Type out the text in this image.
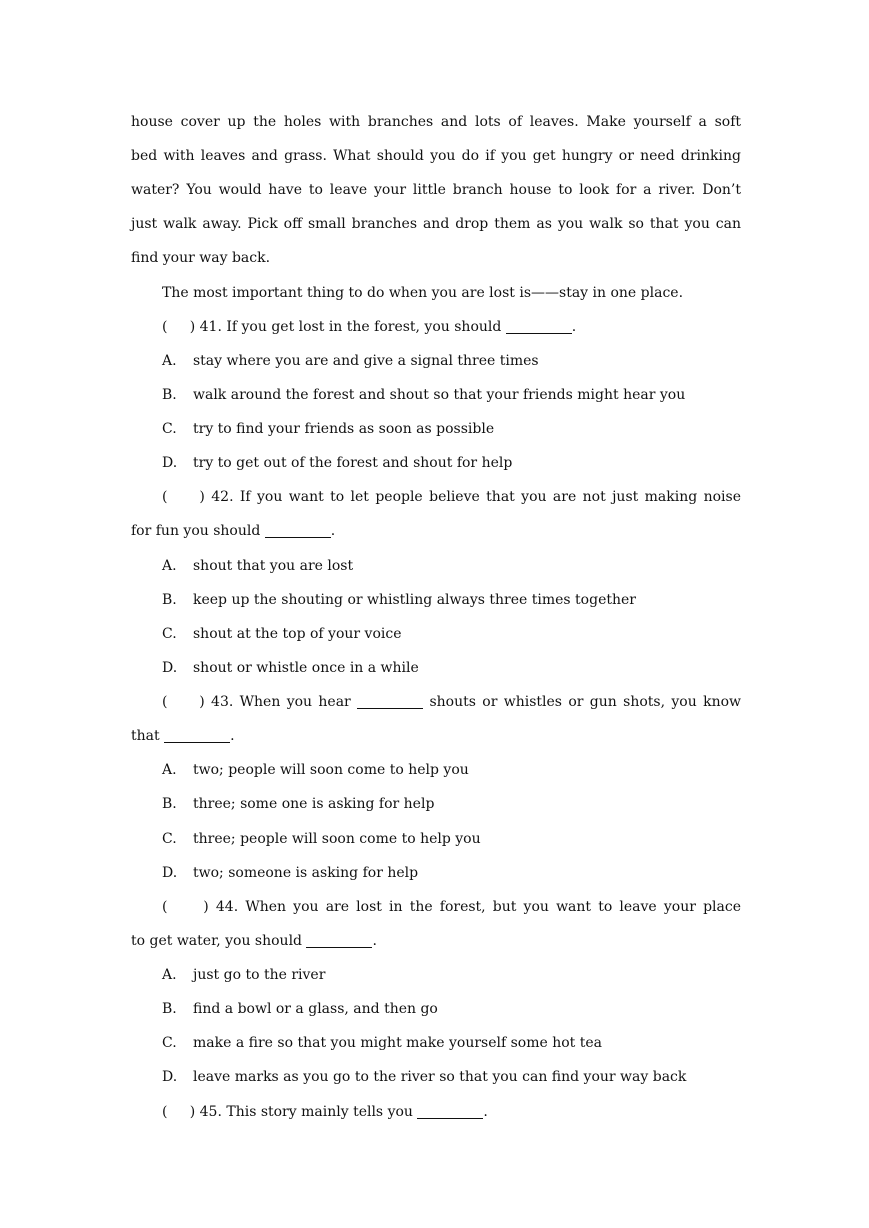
house cover up the holes with branches and lots of leaves. Make yourself a soft
bed with leaves and grass. What should you do if you get hungry or need drinking
water? You would have to leave your little branch house to look for a river. Don’t
just walk away. Pick off small branches and drop them as you walk so that you can
find your way back.
The most important thing to do when you are lost is——stay in one place.
(     ) 41. If you get lost in the forest, you should	.
A. stay where you are and give a signal three times
B. walk around the forest and shout so that your friends might hear you
C. try to find your friends as soon as possible
D. try to get out of the forest and shout for help
(     ) 42. If you want to let people believe that you are not just making noise
for fun you should	.
A. shout that you are lost
B. keep up the shouting or whistling always three times together
C. shout at the top of your voice
D. shout or whistle once in a while
(     ) 43. When you hear	shouts or whistles or gun shots, you know
that	.
A. two; people will soon come to help you
B. three; some one is asking for help
C. three; people will soon come to help you
D. two; someone is asking for help
(     ) 44. When you are lost in the forest, but you want to leave your place
to get water, you should	.
A. just go to the river
B. find a bowl or a glass, and then go
C. make a fire so that you might make yourself some hot tea
D. leave marks as you go to the river so that you can find your way back
(     ) 45. This story mainly tells you	.
